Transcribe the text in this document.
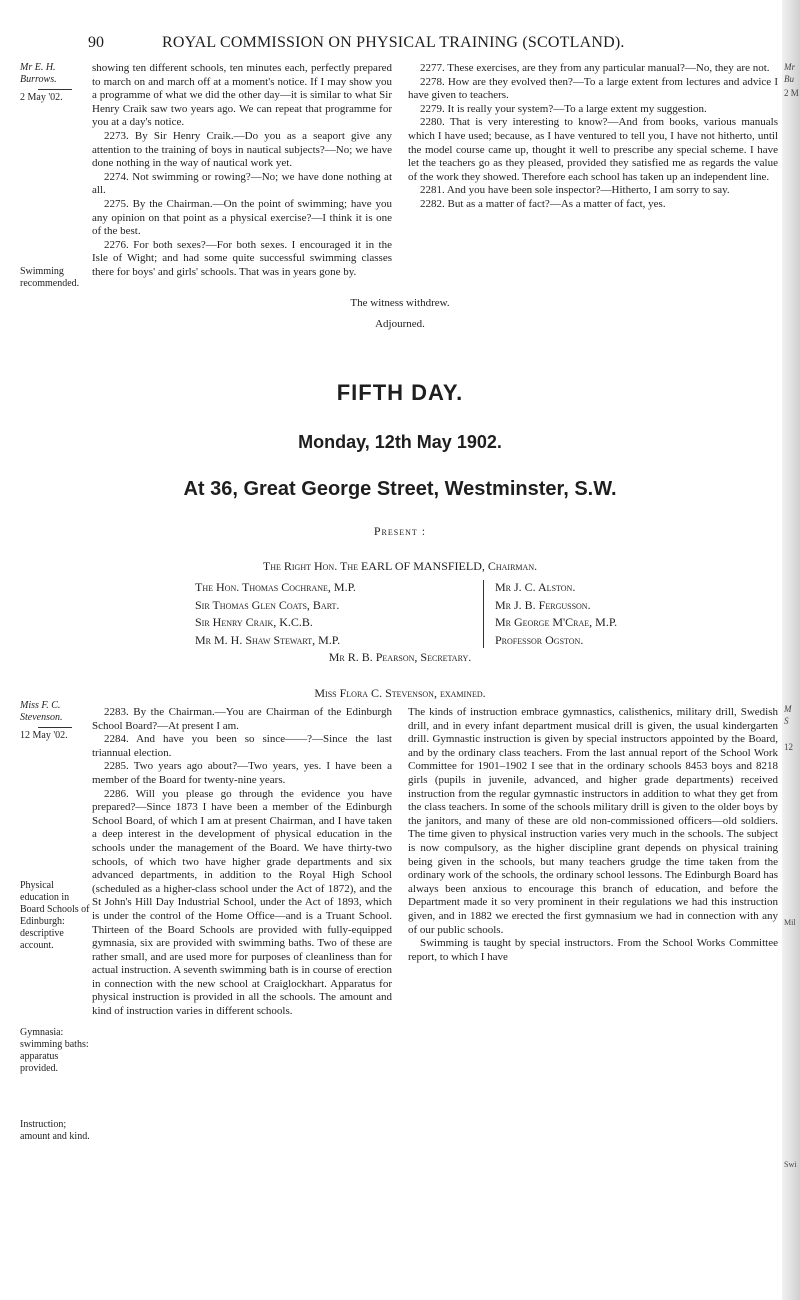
90	ROYAL COMMISSION ON PHYSICAL TRAINING (SCOTLAND).

Mr E. H. Burrows.

2 May '02.

Swimming recommended.

showing ten different schools, ten minutes each, perfectly prepared to march on and march off at a moment's notice. If I may show you a programme of what we did the other day—it is similar to what Sir Henry Craik saw two years ago. We can repeat that programme for you at a day's notice.

2273. By Sir Henry Craik.—Do you as a seaport give any attention to the training of boys in nautical subjects?—No; we have done nothing in the way of nautical work yet.

2274. Not swimming or rowing?—No; we have done nothing at all.

2275. By the Chairman.—On the point of swimming; have you any opinion on that point as a physical exercise?—I think it is one of the best.

2276. For both sexes?—For both sexes. I encouraged it in the Isle of Wight; and had some quite successful swimming classes there for boys' and girls' schools. That was in years gone by.

2277. These exercises, are they from any particular manual?—No, they are not.

2278. How are they evolved then?—To a large extent from lectures and advice I have given to teachers.

2279. It is really your system?—To a large extent my suggestion.

2280. That is very interesting to know?—And from books, various manuals which I have used; because, as I have ventured to tell you, I have not hitherto, until the model course came up, thought it well to prescribe any special scheme. I have let the teachers go as they pleased, provided they satisfied me as regards the value of the work they showed. Therefore each school has taken up an independent line.

2281. And you have been sole inspector?—Hitherto, I am sorry to say.

2282. But as a matter of fact?—As a matter of fact, yes.

The witness withdrew.
Adjourned.
FIFTH DAY.
Monday, 12th May 1902.
At 36, Great George Street, Westminster, S.W.
Present :
The Right Hon. The EARL OF MANSFIELD, Chairman.
The Hon. Thomas Cochrane, M.P.
Sir Thomas Glen Coats, Bart.
Sir Henry Craik, K.C.B.
Mr M. H. Shaw Stewart, M.P.
Mr J. C. Alston.
Mr J. B. Fergusson.
Mr George M'Crae, M.P.
Professor Ogston.
Mr R. B. Pearson, Secretary.
Miss Flora C. Stevenson, examined.

Miss F. C. Stevenson.

12 May '02.

Physical education in Board Schools of Edinburgh: descriptive account.

Gymnasia: swimming baths: apparatus provided.

Instruction; amount and kind.

2283. By the Chairman.—You are Chairman of the Edinburgh School Board?—At present I am.

2284. And have you been so since——?—Since the last triannual election.

2285. Two years ago about?—Two years, yes. I have been a member of the Board for twenty-nine years.

2286. Will you please go through the evidence you have prepared?—Since 1873 I have been a member of the Edinburgh School Board, of which I am at present Chairman, and I have taken a deep interest in the development of physical education in the schools under the management of the Board. We have thirty-two schools, of which two have higher grade departments and six advanced departments, in addition to the Royal High School (scheduled as a higher-class school under the Act of 1872), and the St John's Hill Day Industrial School, under the Act of 1893, which is under the control of the Home Office—and is a Truant School. Thirteen of the Board Schools are provided with fully-equipped gymnasia, six are provided with swimming baths. Two of these are rather small, and are used more for purposes of cleanliness than for actual instruction. A seventh swimming bath is in course of erection in connection with the new school at Craiglockhart. Apparatus for physical instruction is provided in all the schools. The amount and kind of instruction varies in different schools.

The kinds of instruction embrace gymnastics, calisthenics, military drill, Swedish drill, and in every infant department musical drill is given, the usual kindergarten drill. Gymnastic instruction is given by special instructors appointed by the Board, and by the ordinary class teachers. From the last annual report of the School Work Committee for 1901–1902 I see that in the ordinary schools 8453 boys and 8218 girls (pupils in juvenile, advanced, and higher grade departments) received instruction from the regular gymnastic instructors in addition to what they get from the class teachers. In some of the schools military drill is given to the older boys by the janitors, and many of these are old non-commissioned officers—old soldiers. The time given to physical instruction varies very much in the schools. The subject is now compulsory, as the higher discipline grant depends on physical training being given in the schools, but many teachers grudge the time taken from the ordinary work of the schools, the ordinary school lessons. The Edinburgh Board has always been anxious to encourage this branch of education, and before the Department made it so very prominent in their regulations we had this instruction given, and in 1882 we erected the first gymnasium we had in connection with any of our public schools.

Swimming is taught by special instructors. From the School Works Committee report, to which I have

Mr
Bu
2 M
M
S
12
Mil
Swi
